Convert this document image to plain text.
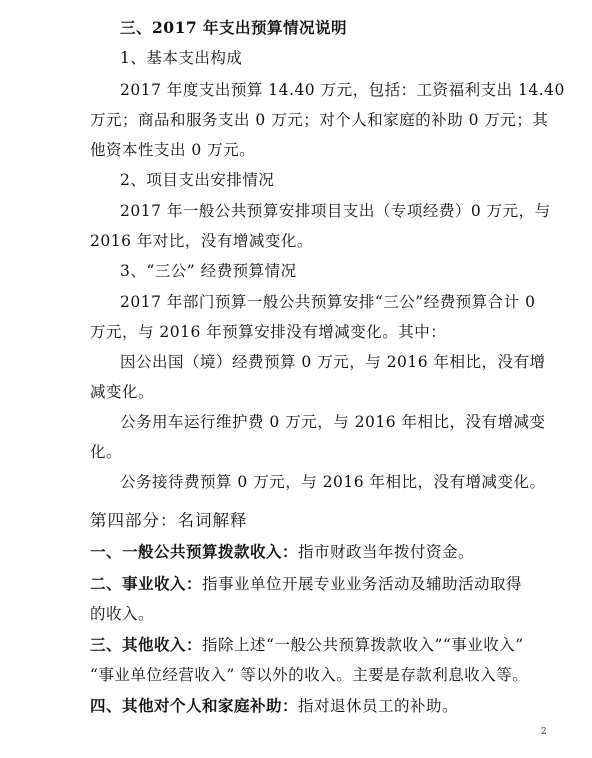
三、2017 年支出预算情况说明
1、基本支出构成
2017 年度支出预算 14.40 万元，包括：工资福利支出 14.40
万元；商品和服务支出 0 万元；对个人和家庭的补助 0 万元；其
他资本性支出 0 万元。
2、项目支出安排情况
2017 年一般公共预算安排项目支出（专项经费）0 万元，与
2016 年对比，没有增减变化。
3、“三公” 经费预算情况
2017 年部门预算一般公共预算安排“三公”经费预算合计 0
万元，与 2016 年预算安排没有增减变化。其中：
因公出国（境）经费预算 0 万元，与 2016 年相比，没有增
减变化。
公务用车运行维护费 0 万元，与 2016 年相比，没有增减变
化。
公务接待费预算 0 万元，与 2016 年相比，没有增减变化。
第四部分：名词解释
一、一般公共预算拨款收入：指市财政当年拨付资金。
二、事业收入：指事业单位开展专业业务活动及辅助活动取得
的收入。
三、其他收入：指除上述“一般公共预算拨款收入”“事业收入”
“事业单位经营收入” 等以外的收入。主要是存款利息收入等。
四、其他对个人和家庭补助：指对退休员工的补助。
2
